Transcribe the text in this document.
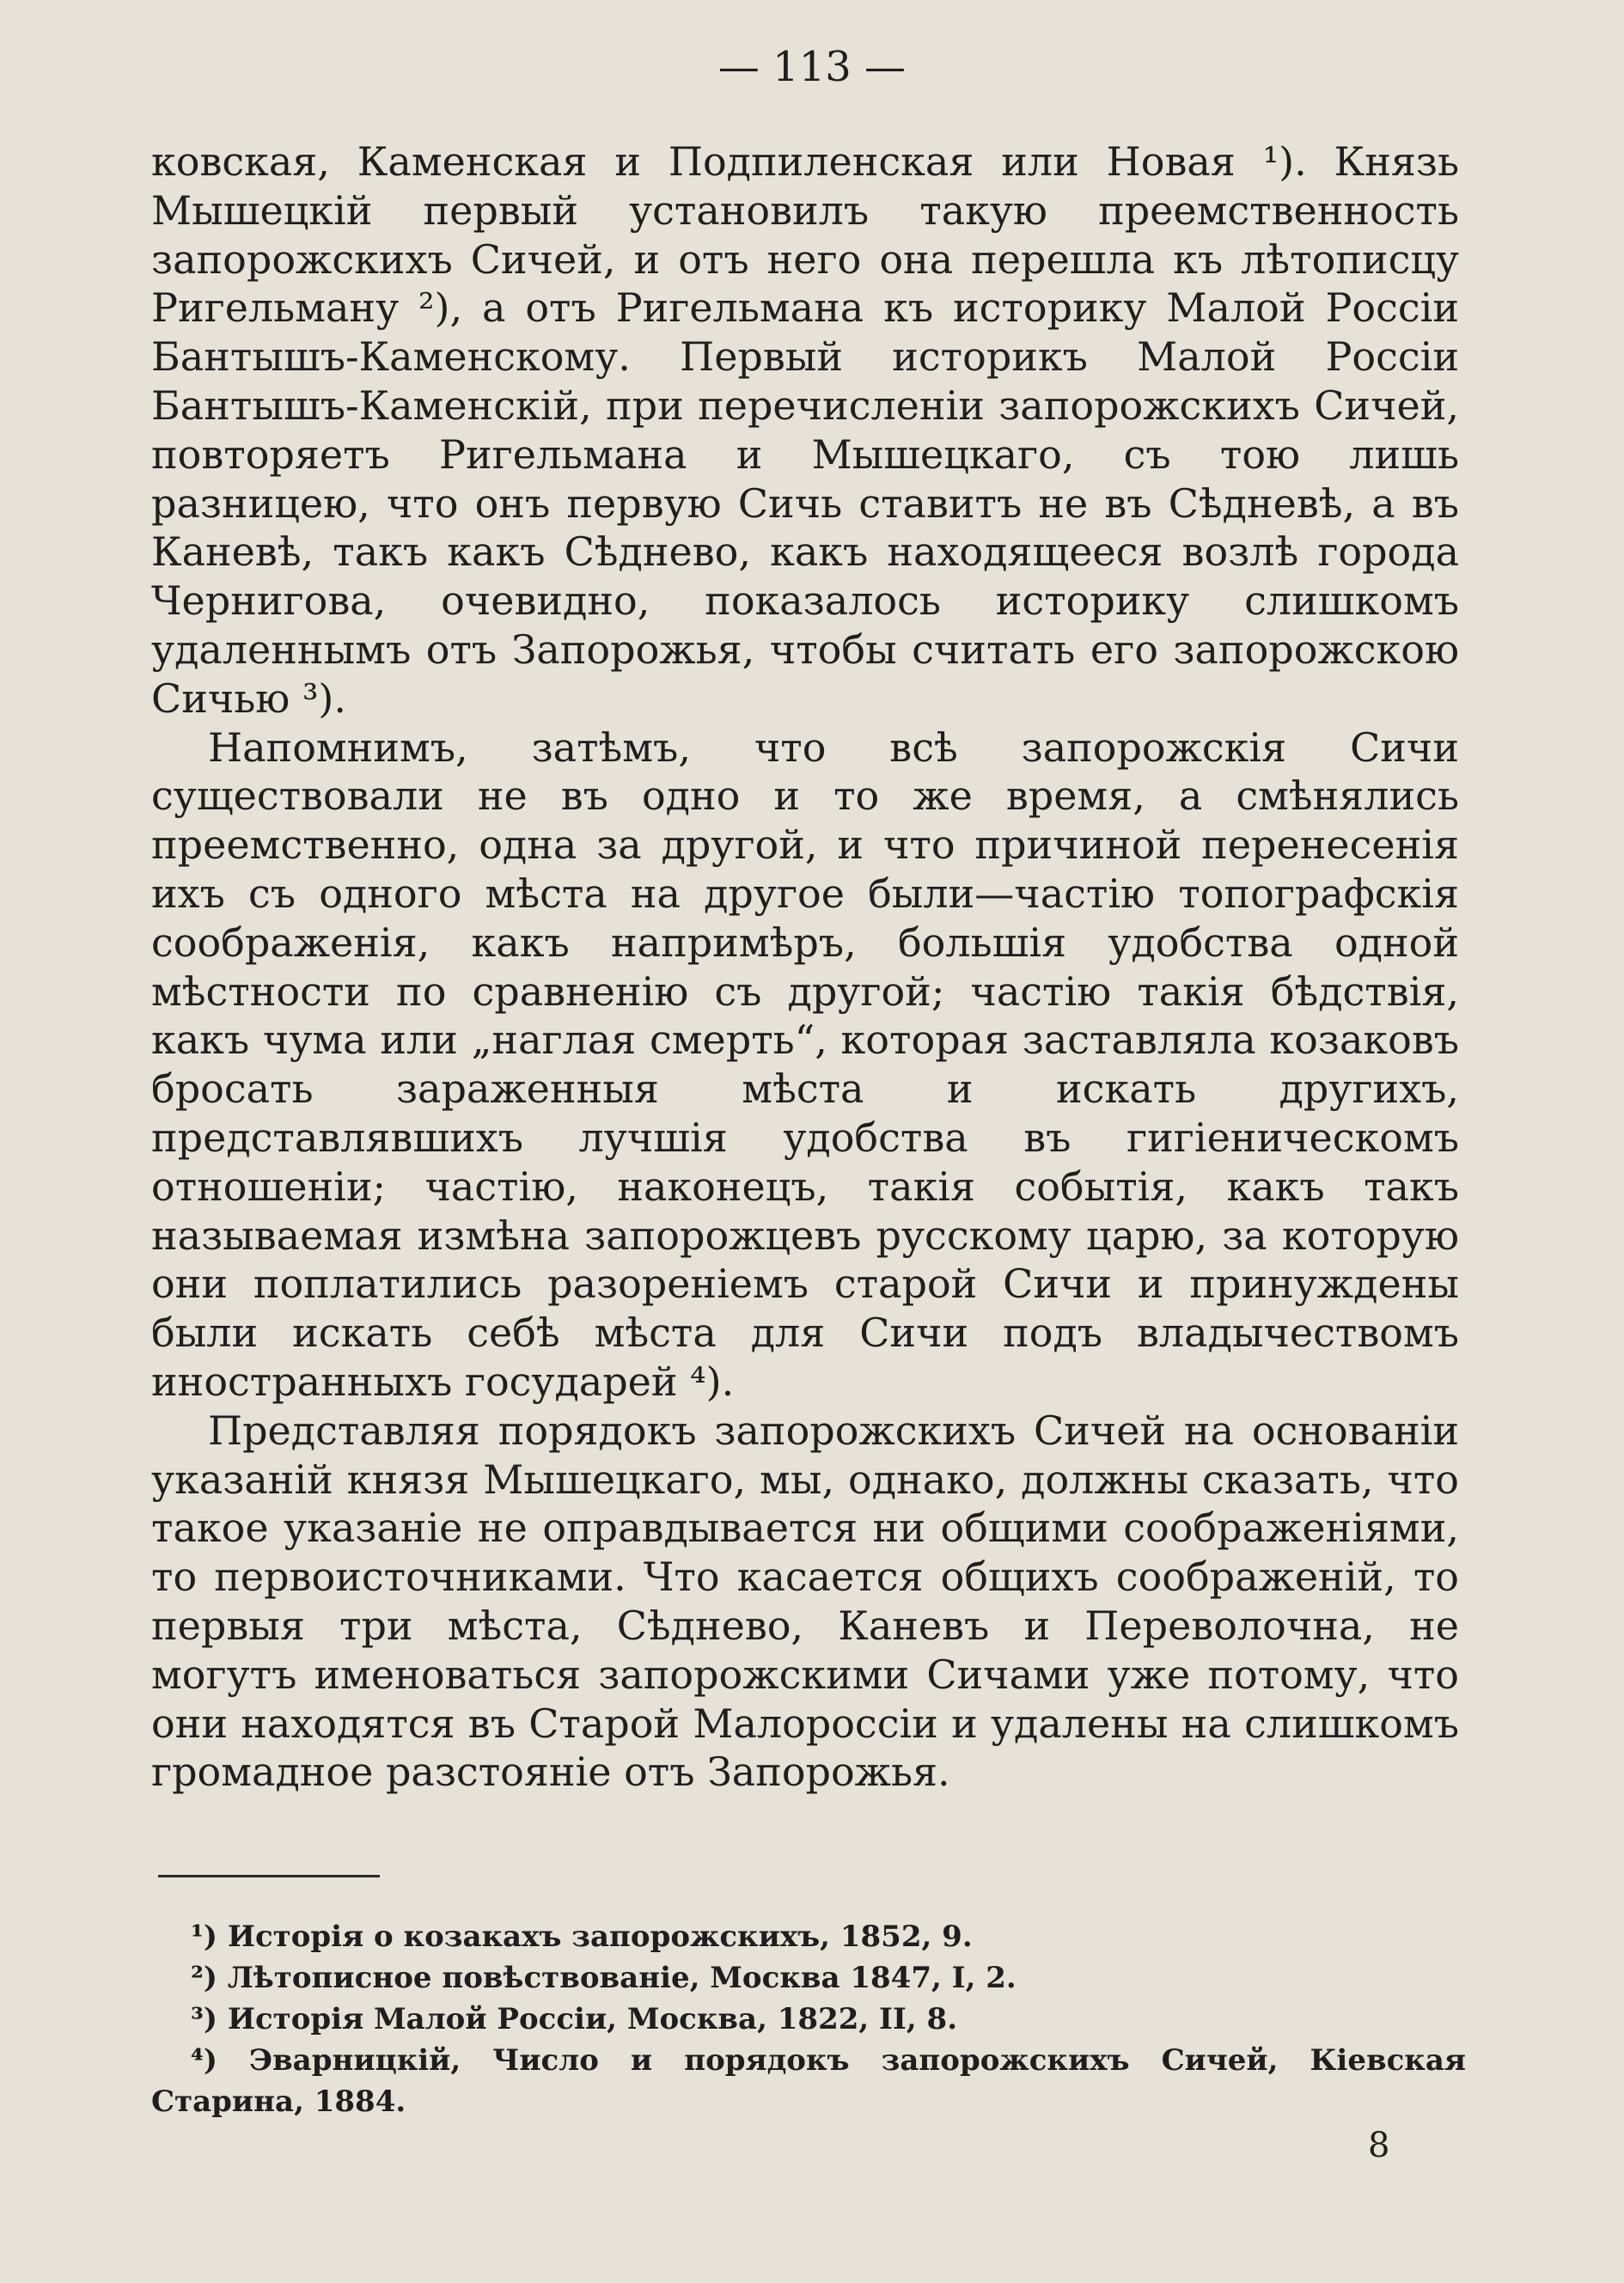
— 113 —

ковская, Каменская и Подпиленская или Новая ¹). Князь Мышецкій первый установилъ такую преемственность запорожскихъ Сичей, и отъ него она перешла къ лѣтописцу Ригельману ²), а отъ Ригельмана къ историку Малой Россіи Бантышъ-Каменскому. Первый историкъ Малой Россіи Бантышъ-Каменскій, при перечисленіи запорожскихъ Сичей, повторяетъ Ригельмана и Мышецкаго, съ тою лишь разницею, что онъ первую Сичь ставитъ не въ Сѣдневѣ, а въ Каневѣ, такъ какъ Сѣднево, какъ находящееся возлѣ города Чернигова, очевидно, показалось историку слишкомъ удаленнымъ отъ Запорожья, чтобы считать его запорожскою Сичью ³).

Напомнимъ, затѣмъ, что всѣ запорожскія Сичи существовали не въ одно и то же время, а смѣнялись преемственно, одна за другой, и что причиной перенесенія ихъ съ одного мѣста на другое были—частію топографскія соображенія, какъ напримѣръ, большія удобства одной мѣстности по сравненію съ другой; частію такія бѣдствія, какъ чума или „наглая смерть“, которая заставляла козаковъ бросать зараженныя мѣста и искать другихъ, представлявшихъ лучшія удобства въ гигіеническомъ отношеніи; частію, наконецъ, такія событія, какъ такъ называемая измѣна запорожцевъ русскому царю, за которую они поплатились разореніемъ старой Сичи и принуждены были искать себѣ мѣста для Сичи подъ владычествомъ иностранныхъ государей ⁴).

Представляя порядокъ запорожскихъ Сичей на основаніи указаній князя Мышецкаго, мы, однако, должны сказать, что такое указаніе не оправдывается ни общими соображеніями, то первоисточниками. Что касается общихъ соображеній, то первыя три мѣста, Сѣднево, Каневъ и Переволочна, не могутъ именоваться запорожскими Сичами уже потому, что они находятся въ Старой Малороссіи и удалены на слишкомъ громадное разстояніе отъ Запорожья.

¹) Исторія о козакахъ запорожскихъ, 1852, 9.

²) Лѣтописное повѣствованіе, Москва 1847, I, 2.

³) Исторія Малой Россіи, Москва, 1822, II, 8.

⁴) Эварницкій, Число и порядокъ запорожскихъ Сичей, Кіевская Старина, 1884.

8
